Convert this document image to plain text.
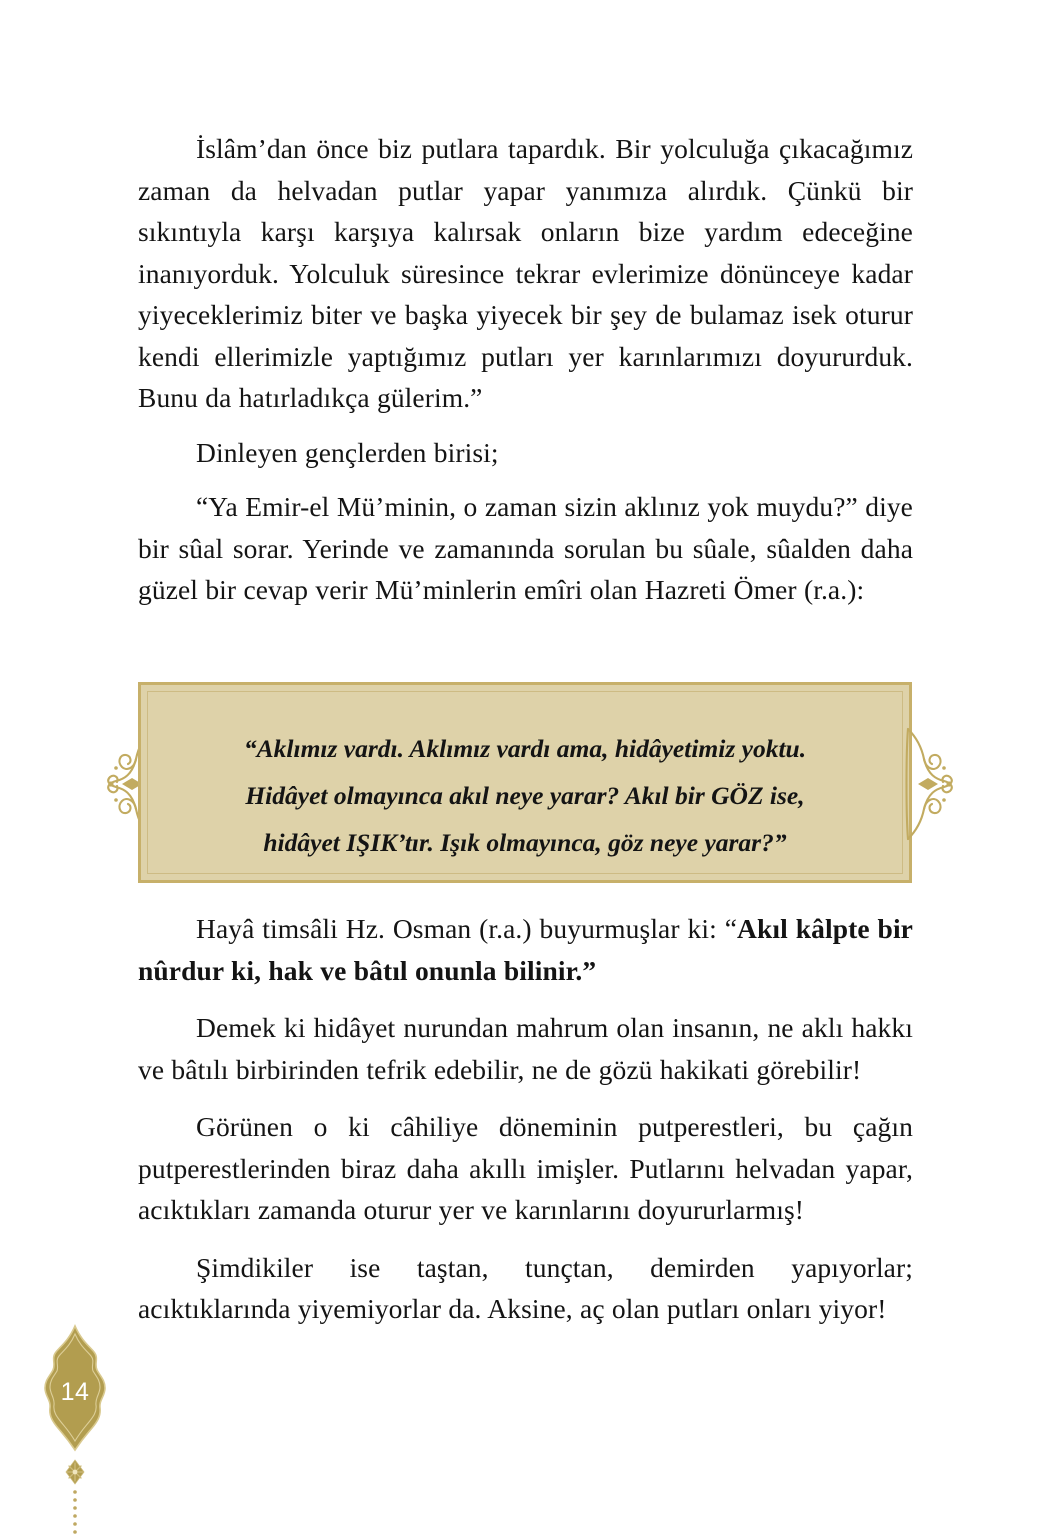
İslâm’dan önce biz putlara tapardık. Bir yolculuğa çıkacağımız zaman da helvadan putlar yapar yanımıza alırdık. Çünkü bir sıkıntıyla karşı karşıya kalırsak onların bize yardım edeceğine inanıyorduk. Yolculuk süresince tekrar evlerimize dönünceye kadar yiyeceklerimiz biter ve başka yiyecek bir şey de bulamaz isek oturur kendi ellerimizle yaptığımız putları yer karınlarımızı doyururduk. Bunu da hatırladıkça gülerim.”

Dinleyen gençlerden birisi;

“Ya Emir-el Mü’minin, o zaman sizin aklınız yok muydu?” diye bir sûal sorar. Yerinde ve zamanında sorulan bu sûale, sûalden daha güzel bir cevap verir Mü’minlerin emîri olan Hazreti Ömer (r.a.):

“Aklımız vardı. Aklımız vardı ama, hidâyetimiz yoktu.
Hidâyet olmayınca akıl neye yarar? Akıl bir GÖZ ise,
hidâyet IŞIK’tır. Işık olmayınca, göz neye yarar?”

Hayâ timsâli Hz. Osman (r.a.) buyurmuşlar ki: “Akıl kâlpte bir nûrdur ki, hak ve bâtıl onunla bilinir.”

Demek ki hidâyet nurundan mahrum olan insanın, ne aklı hakkı ve bâtılı birbirinden tefrik edebilir, ne de gözü hakikati görebilir!

Görünen o ki câhiliye döneminin putperestleri, bu çağın putperestlerinden biraz daha akıllı imişler. Putlarını helvadan yapar, acıktıkları zamanda oturur yer ve karınlarını doyururlarmış!

Şimdikiler ise taştan, tunçtan, demirden yapıyorlar; acıktıklarında yiyemiyorlar da. Aksine, aç olan putları onları yiyor!

14
